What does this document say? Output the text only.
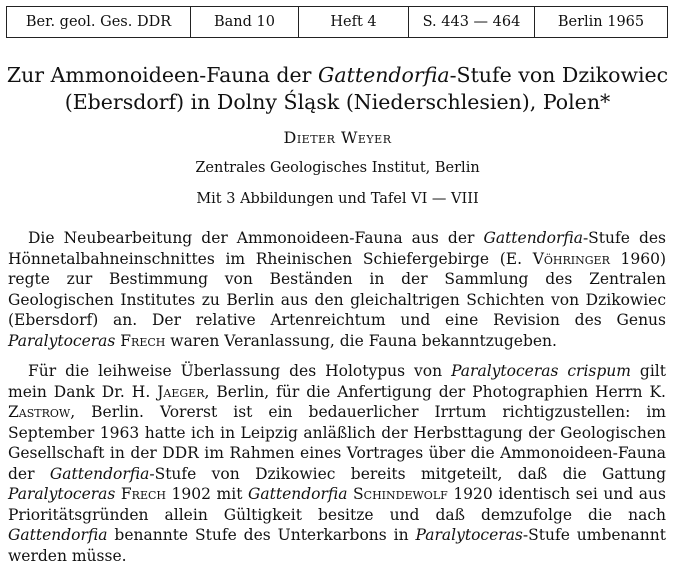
Ber. geol. Ges. DDR	Band 10	Heft 4	S. 443 — 464	Berlin 1965
Zur Ammonoideen-Fauna der Gattendorfia-Stufe von Dzikowiec
(Ebersdorf) in Dolny Śląsk (Niederschlesien), Polen*
Dieter Weyer
Zentrales Geologisches Institut, Berlin
Mit 3 Abbildungen und Tafel VI — VIII

Die Neubearbeitung der Ammonoideen-Fauna aus der Gattendorfia-Stufe des Hönnetalbahneinschnittes im Rheinischen Schiefergebirge (E. Vöhringer 1960) regte zur Bestimmung von Beständen in der Sammlung des Zentralen Geologischen Institutes zu Berlin aus den gleichaltrigen Schichten von Dzikowiec (Ebersdorf) an. Der relative Artenreichtum und eine Revision des Genus Paralytoceras Frech waren Veranlassung, die Fauna bekanntzugeben.

Für die leihweise Überlassung des Holotypus von Paralytoceras crispum gilt mein Dank Dr. H. Jaeger, Berlin, für die Anfertigung der Photographien Herrn K. Zastrow, Berlin. Vorerst ist ein bedauerlicher Irrtum richtigzustellen: im September 1963 hatte ich in Leipzig anläßlich der Herbsttagung der Geologischen Gesellschaft in der DDR im Rahmen eines Vortrages über die Ammonoideen-Fauna der Gattendorfia-Stufe von Dzikowiec bereits mitgeteilt, daß die Gattung Paralytoceras Frech 1902 mit Gattendorfia Schindewolf 1920 identisch sei und aus Prioritätsgründen allein Gültigkeit besitze und daß demzufolge die nach Gattendorfia benannte Stufe des Unterkarbons in Paralytoceras-Stufe umbenannt werden müsse.
